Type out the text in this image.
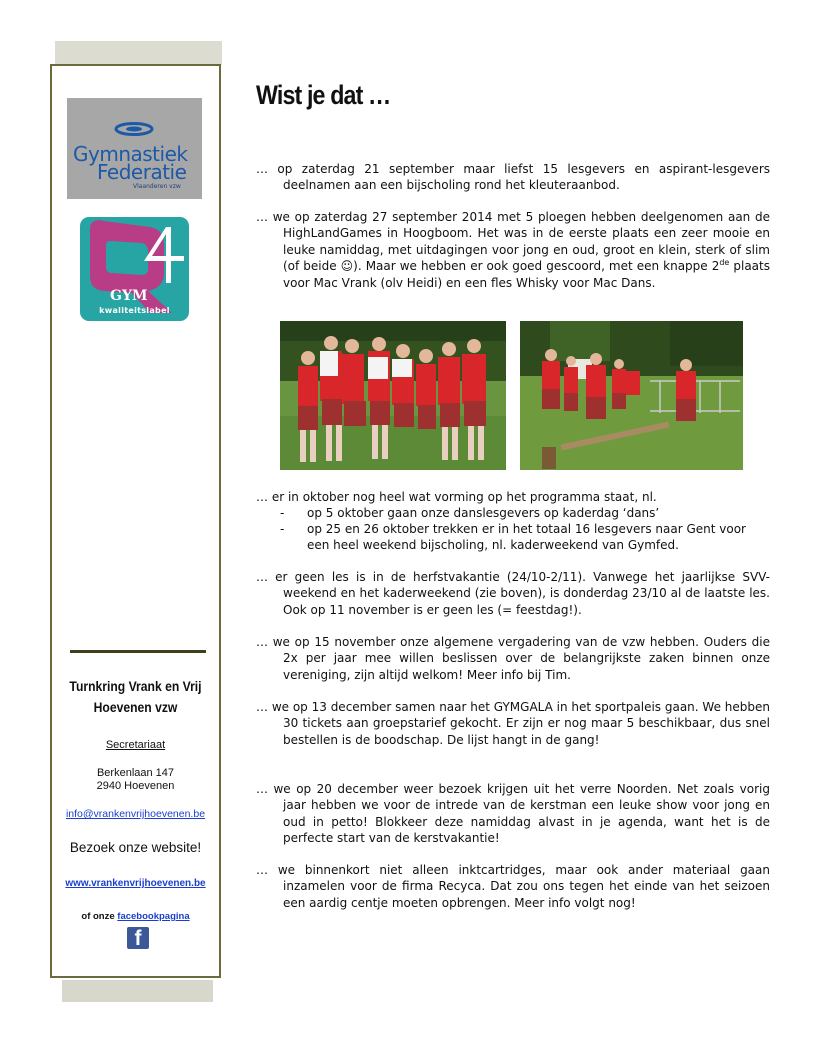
Gymnastiek
Federatie
Vlaanderen vzw
GYM
kwaliteitslabel
Turnkring Vrank en Vrij
Hoevenen vzw
Secretariaat
Berkenlaan 147
2940 Hoevenen
info@vrankenvrijhoevenen.be
Bezoek onze website!
www.vrankenvrijhoevenen.be
of onze facebookpagina
f
Wist je dat …

… op zaterdag 21 september maar liefst 15 lesgevers en aspirant-lesgevers deelnamen aan een bijscholing rond het kleuteraanbod.

… we op zaterdag 27 september 2014 met 5 ploegen hebben deelgenomen aan de HighLandGames in Hoogboom. Het was in de eerste plaats een zeer mooie en leuke namiddag, met uitdagingen voor jong en oud, groot en klein, sterk of slim (of beide ☺). Maar we hebben er ook goed gescoord, met een knappe 2de plaats voor Mac Vrank (olv Heidi) en een fles Whisky voor Mac Dans.

… er in oktober nog heel wat vorming op het programma staat, nl.

- op 5 oktober gaan onze danslesgevers op kaderdag ‘dans’

- op 25 en 26 oktober trekken er in het totaal 16 lesgevers naar Gent voor een heel weekend bijscholing, nl. kaderweekend van Gymfed.

… er geen les is in de herfstvakantie (24/10-2/11). Vanwege het jaarlijkse SVV-weekend en het kaderweekend (zie boven), is donderdag 23/10 al de laatste les. Ook op 11 november is er geen les (= feestdag!).

… we op 15 november onze algemene vergadering van de vzw hebben. Ouders die 2x per jaar mee willen beslissen over de belangrijkste zaken binnen onze vereniging, zijn altijd welkom! Meer info bij Tim.

… we op 13 december samen naar het GYMGALA in het sportpaleis gaan. We hebben 30 tickets aan groepstarief gekocht. Er zijn er nog maar 5 beschikbaar, dus snel bestellen is de boodschap. De lijst hangt in de gang!

… we op 20 december weer bezoek krijgen uit het verre Noorden. Net zoals vorig jaar hebben we voor de intrede van de kerstman een leuke show voor jong en oud in petto! Blokkeer deze namiddag alvast in je agenda, want het is de perfecte start van de kerstvakantie!

… we binnenkort niet alleen inktcartridges, maar ook ander materiaal gaan inzamelen voor de firma Recyca. Dat zou ons tegen het einde van het seizoen een aardig centje moeten opbrengen. Meer info volgt nog!
